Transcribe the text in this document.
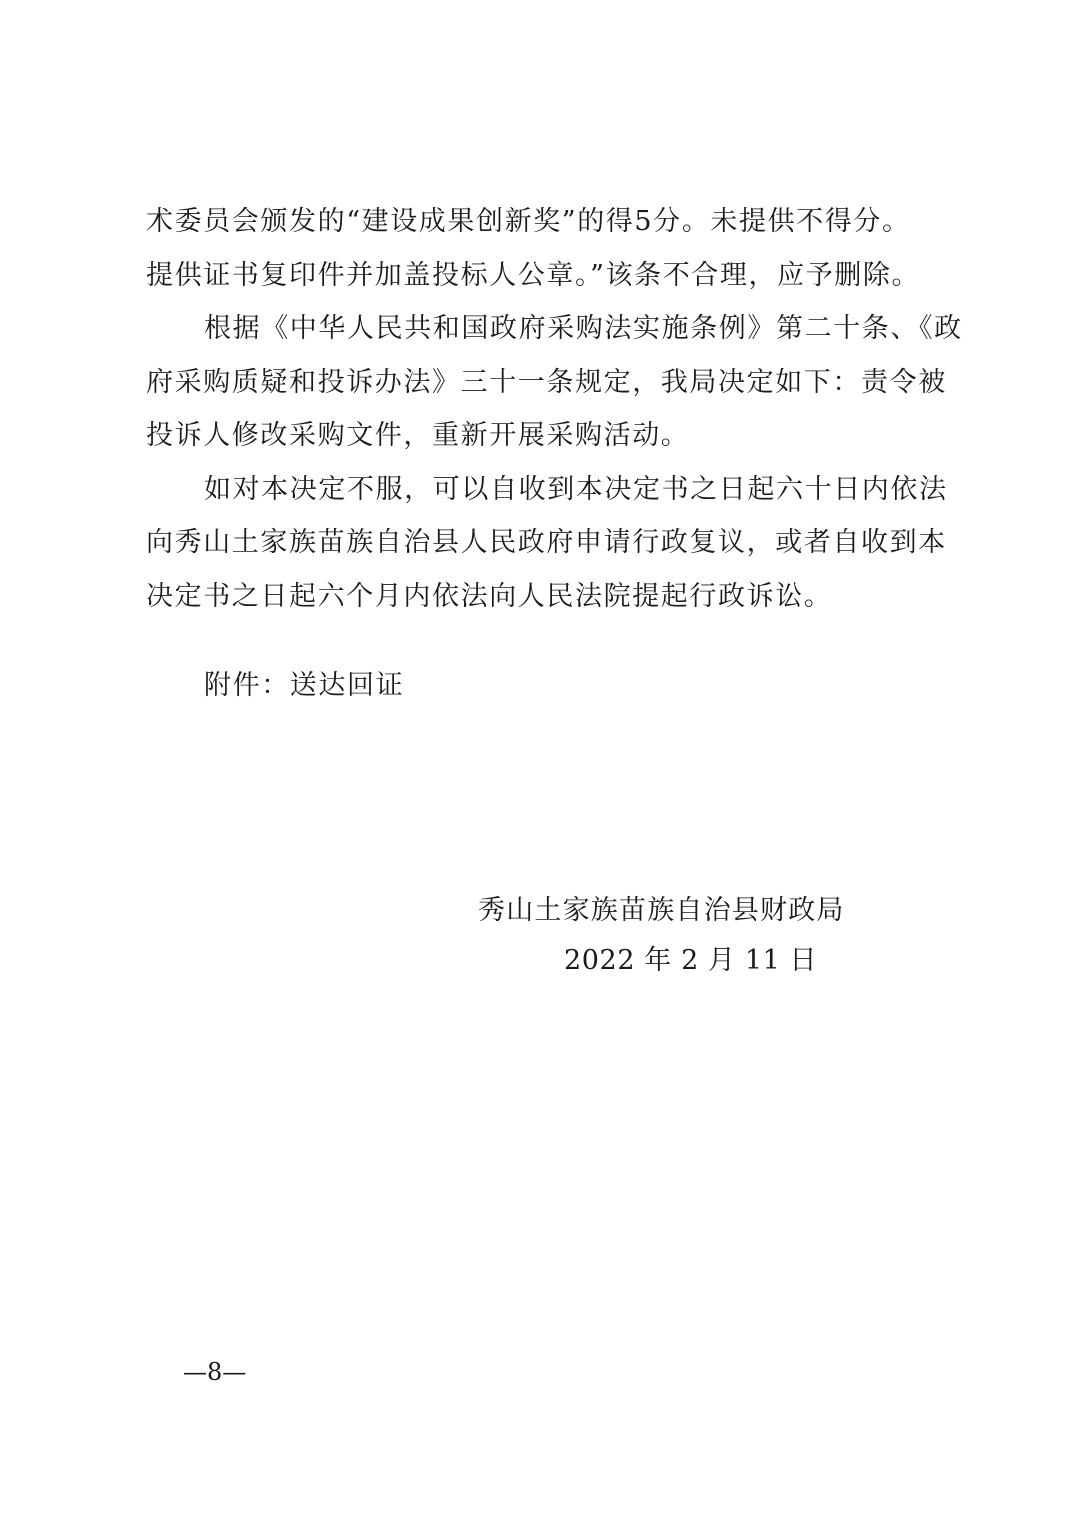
术委员会颁发的“建设成果创新奖”的得5分。未提供不得分。

提供证书复印件并加盖投标人公章。”该条不合理，应予删除。

根据《中华人民共和国政府采购法实施条例》第二十条、《政

府采购质疑和投诉办法》三十一条规定，我局决定如下：责令被

投诉人修改采购文件，重新开展采购活动。

如对本决定不服，可以自收到本决定书之日起六十日内依法

向秀山土家族苗族自治县人民政府申请行政复议，或者自收到本

决定书之日起六个月内依法向人民法院提起行政诉讼。

附件：送达回证
秀山土家族苗族自治县财政局
2022 年 2 月 11 日
—8—
